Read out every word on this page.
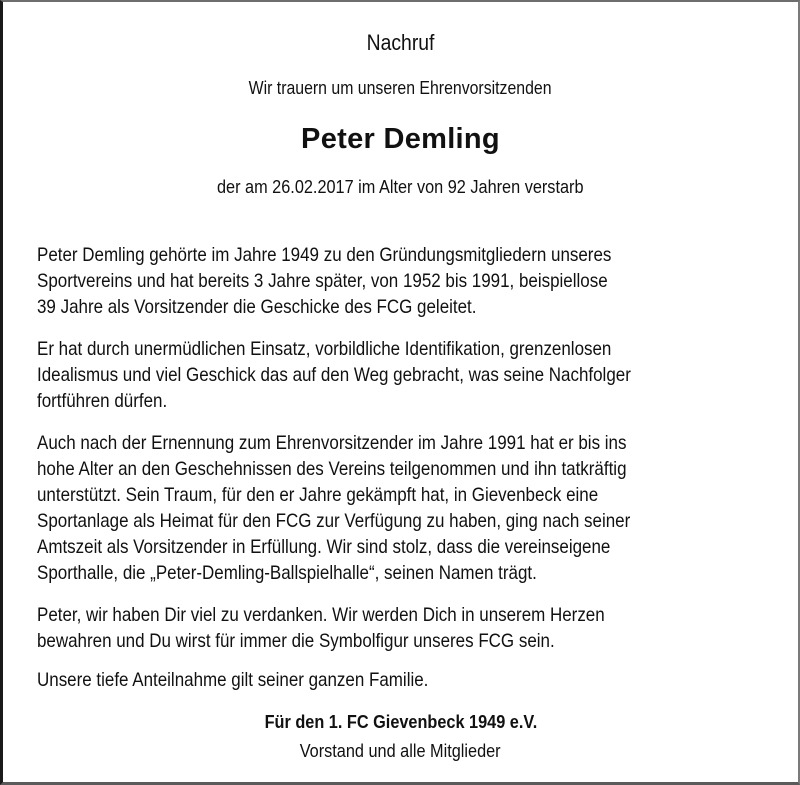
Nachruf
Wir trauern um unseren Ehrenvorsitzenden
Peter Demling
der am 26.02.2017 im Alter von 92 Jahren verstarb
Peter Demling gehörte im Jahre 1949 zu den Gründungsmitgliedern unseres
Sportvereins und hat bereits 3 Jahre später, von 1952 bis 1991, beispiellose
39 Jahre als Vorsitzender die Geschicke des FCG geleitet.
Er hat durch unermüdlichen Einsatz, vorbildliche Identifikation, grenzenlosen
Idealismus und viel Geschick das auf den Weg gebracht, was seine Nachfolger
fortführen dürfen.
Auch nach der Ernennung zum Ehrenvorsitzender im Jahre 1991 hat er bis ins
hohe Alter an den Geschehnissen des Vereins teilgenommen und ihn tatkräftig
unterstützt. Sein Traum, für den er Jahre gekämpft hat, in Gievenbeck eine
Sportanlage als Heimat für den FCG zur Verfügung zu haben, ging nach seiner
Amtszeit als Vorsitzender in Erfüllung. Wir sind stolz, dass die vereinseigene
Sporthalle, die „Peter-Demling-Ballspielhalle“, seinen Namen trägt.
Peter, wir haben Dir viel zu verdanken. Wir werden Dich in unserem Herzen
bewahren und Du wirst für immer die Symbolfigur unseres FCG sein.
Unsere tiefe Anteilnahme gilt seiner ganzen Familie.
Für den 1. FC Gievenbeck 1949 e.V.
Vorstand und alle Mitglieder
